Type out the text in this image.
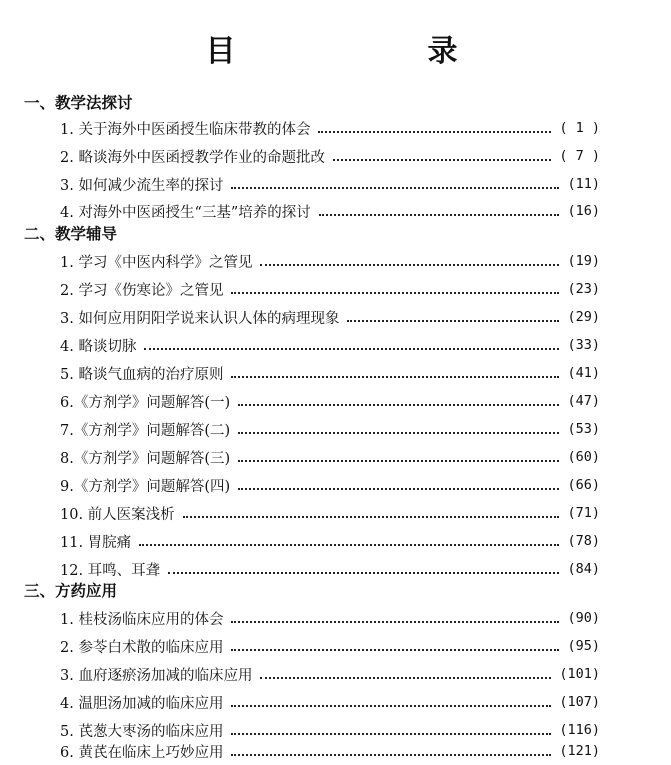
目　　录
一、教学法探讨
1. 关于海外中医函授生临床带教的体会	( 1 )
2. 略谈海外中医函授教学作业的命题批改	( 7 )
3. 如何减少流生率的探讨	(11)
4. 对海外中医函授生“三基”培养的探讨	(16)
二、教学辅导
1. 学习《中医内科学》之管见	(19)
2. 学习《伤寒论》之管见	(23)
3. 如何应用阴阳学说来认识人体的病理现象	(29)
4. 略谈切脉	(33)
5. 略谈气血病的治疗原则	(41)
6.《方剂学》问题解答(一)	(47)
7.《方剂学》问题解答(二)	(53)
8.《方剂学》问题解答(三)	(60)
9.《方剂学》问题解答(四)	(66)
10. 前人医案浅析	(71)
11. 胃脘痛	(78)
12. 耳鸣、耳聋	(84)
三、方药应用
1. 桂枝汤临床应用的体会	(90)
2. 参苓白术散的临床应用	(95)
3. 血府逐瘀汤加减的临床应用	(101)
4. 温胆汤加减的临床应用	(107)
5. 芪葱大枣汤的临床应用	(116)
6. 黄芪在临床上巧妙应用	(121)
